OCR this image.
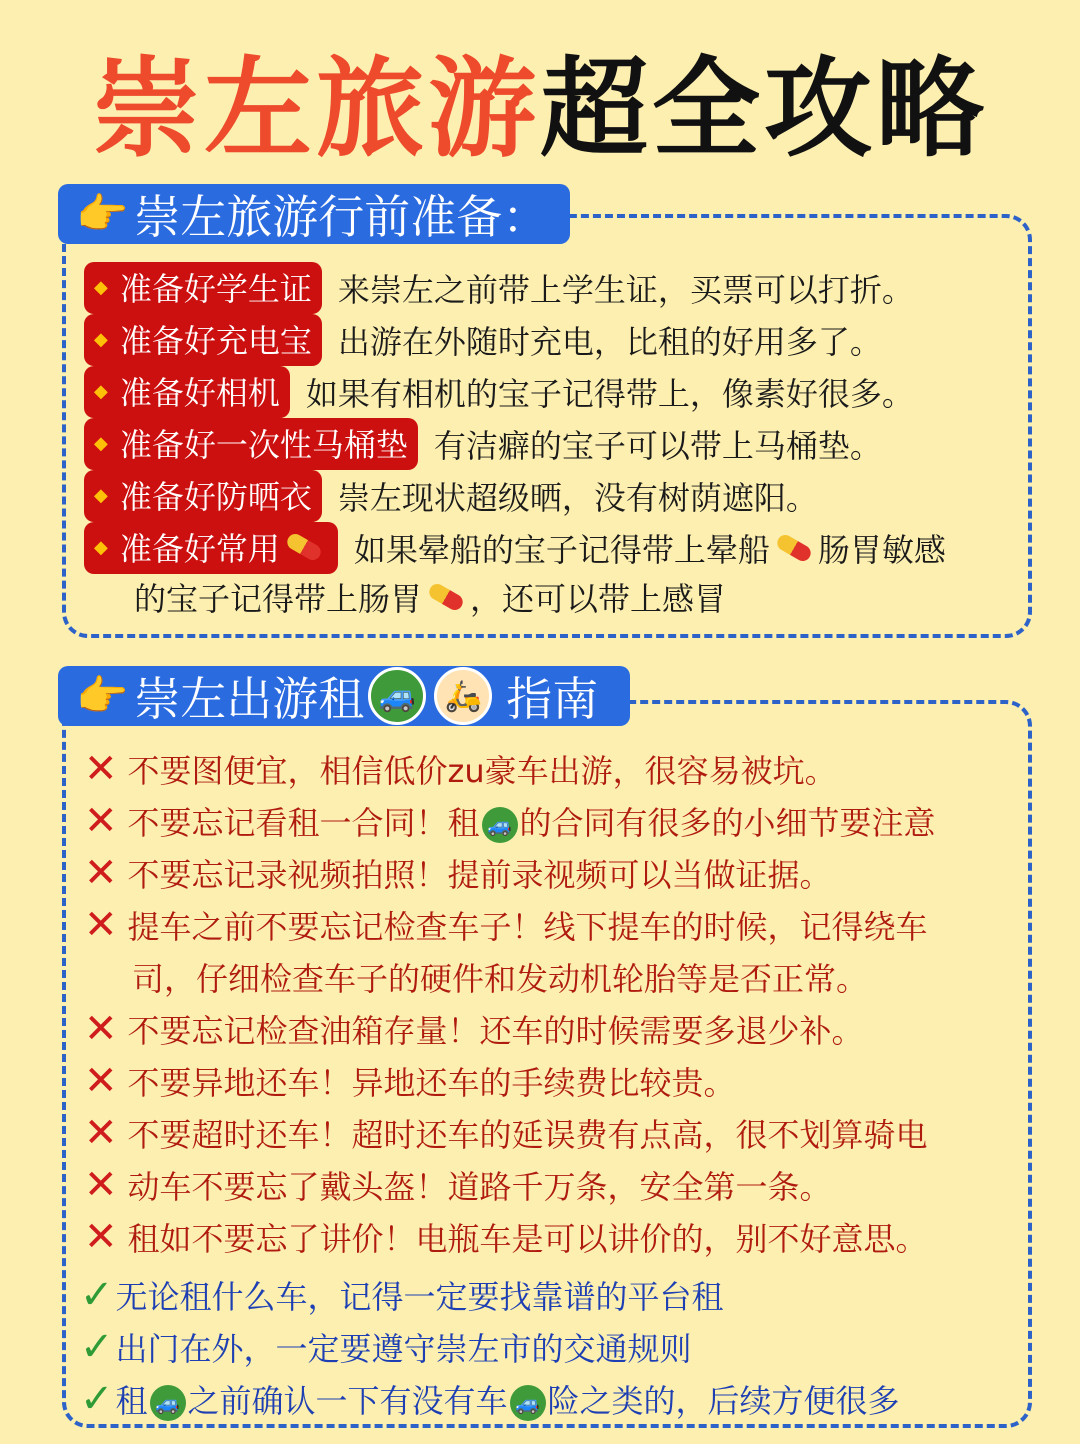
崇左旅游超全攻略
👉 崇左旅游行前准备：
◆ 准备好学生证 来崇左之前带上学生证，买票可以打折。
◆ 准备好充电宝 出游在外随时充电，比租的好用多了。
◆ 准备好相机 如果有相机的宝子记得带上，像素好很多。
◆ 准备好一次性马桶垫 有洁癖的宝子可以带上马桶垫。
◆ 准备好防晒衣 崇左现状超级晒，没有树荫遮阳。
◆ 准备好常用 如果晕船的宝子记得带上晕船 肠胃敏感
的宝子记得带上肠胃 ，还可以带上感冒
👉 崇左出游租 🚙 🛵 指南
✕ 不要图便宜，相信低价zu豪车出游，很容易被坑。
✕ 不要忘记看租一合同！租 🚙 的合同有很多的小细节要注意
✕ 不要忘记录视频拍照！提前录视频可以当做证据。
✕ 提车之前不要忘记检查车子！线下提车的时候，记得绕车
司，仔细检查车子的硬件和发动机轮胎等是否正常。
✕ 不要忘记检查油箱存量！还车的时候需要多退少补。
✕ 不要异地还车！异地还车的手续费比较贵。
✕ 不要超时还车！超时还车的延误费有点高，很不划算骑电
✕ 动车不要忘了戴头盔！道路千万条，安全第一条。
✕ 租如不要忘了讲价！电瓶车是可以讲价的，别不好意思。
✓无论租什么车，记得一定要找靠谱的平台租
✓出门在外，一定要遵守崇左市的交通规则
✓租 🚙 之前确认一下有没有车 🚙 险之类的，后续方便很多
